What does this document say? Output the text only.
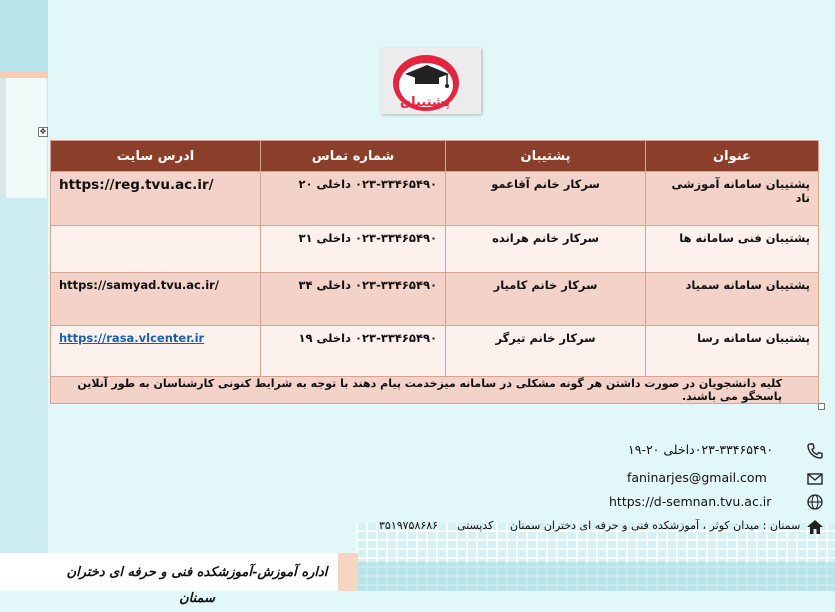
اداره آموزش-آموزشکده فنی و حرفه ای دختران سمنان
پشتیبان
✥
عنوان	پشتیبان	شماره تماس	ادرس سایت
پشتیبان سامانه آموزشی ناد	سرکار خانم آقاعمو	۰۲۳-۳۳۴۶۵۴۹۰ داخلی ۲۰	https://reg.tvu.ac.ir/
پشتیبان فنی سامانه ها	سرکار خانم هرانده	۰۲۳-۳۳۴۶۵۴۹۰ داخلی ۳۱	
پشتیبان سامانه سمیاد	سرکار خانم کامیار	۰۲۳-۳۳۴۶۵۴۹۰ داخلی ۳۴	https://samyad.tvu.ac.ir/
پشتیبان سامانه رسا	سرکار خانم تیرگر	۰۲۳-۳۳۴۶۵۴۹۰ داخلی ۱۹	https://rasa.vlcenter.ir
کلیه دانشجویان در صورت داشتن هر گونه مشکلی در سامانه میزخدمت پیام دهند با توجه به شرایط کنونی کارشناسان به طور آنلاین پاسخگو می باشند.			
۰۲۳-۳۳۴۶۵۴۹۰داخلی ۲۰-۱۹
faninarjes@gmail.com
https://d-semnan.tvu.ac.ir
سمنان : میدان کوثر ، آموزشکده فنی و حرفه ای دختران سمنان
کدپستی
۳۵۱۹۷۵۸۶۸۶
